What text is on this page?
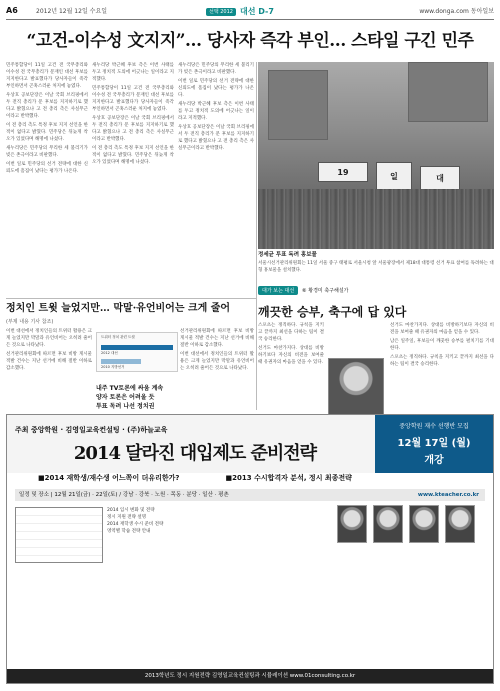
A6	2012년 12월 12일 수요일	선택 2012 대선 D-7	www.donga.com 동아일보
“고건-이수성 文지지”… 당사자 즉각 부인… 스타일 구긴 민주

민주통합당이 11일 고건 전 국무총리와 이수성 전 국무총리가 문재인 대선 후보를 지지한다고 발표했다가 당사자들이 즉각 부인하면서 곤혹스러운 처지에 놓였다.

우상호 공보단장은 이날 국회 브리핑에서 두 전직 총리가 문 후보를 지지하기로 했다고 밝혔으나 고 전 총리 측은 사실무근이라고 반박했다.

이 전 총리 측도 특정 후보 지지 선언을 한 적이 없다고 밝혔다. 민주당은 뒤늦게 착오가 있었다며 해명에 나섰다.

새누리당은 민주당의 무리한 세 불리기가 빚은 촌극이라고 비판했다.

이번 일로 민주당의 선거 전략에 대한 신뢰도에 흠집이 났다는 평가가 나온다.

새누리당 박근혜 후보 측은 이번 사태를 두고 정치적 도의에 어긋나는 일이라고 지적했다.

민주통합당이 11일 고건 전 국무총리와 이수성 전 국무총리가 문재인 대선 후보를 지지한다고 발표했다가 당사자들이 즉각 부인하면서 곤혹스러운 처지에 놓였다.

우상호 공보단장은 이날 국회 브리핑에서 두 전직 총리가 문 후보를 지지하기로 했다고 밝혔으나 고 전 총리 측은 사실무근이라고 반박했다.

이 전 총리 측도 특정 후보 지지 선언을 한 적이 없다고 밝혔다. 민주당은 뒤늦게 착오가 있었다며 해명에 나섰다.

새누리당은 민주당의 무리한 세 불리기가 빚은 촌극이라고 비판했다.

이번 일로 민주당의 선거 전략에 대한 신뢰도에 흠집이 났다는 평가가 나온다.

새누리당 박근혜 후보 측은 이번 사태를 두고 정치적 도의에 어긋나는 일이라고 지적했다.

우상호 공보단장은 이날 국회 브리핑에서 두 전직 총리가 문 후보를 지지하기로 했다고 밝혔으나 고 전 총리 측은 사실무근이라고 반박했다.

19	일	대
정세균 투표 독려 홍보물
서울시선거관리위원회는 11일 서울 중구 태평로 서울시청 앞 서울광장에서 제18대 대통령 선거 투표 참여를 독려하는 대형 홍보물을 설치했다.
대가 보는 대선	⑥ 황경미 축구해설가
깨끗한 승부, 축구에 답 있다

스포츠는 정직하다. 규칙을 지키고 끝까지 최선을 다하는 팀이 결국 승리한다.

선거도 마찬가지다. 상대를 비방하기보다 자신의 비전을 보여줄 때 유권자의 마음을 얻을 수 있다.

선거도 마찬가지다. 상대를 비방하기보다 자신의 비전을 보여줄 때 유권자의 마음을 얻을 수 있다.

남은 일주일, 후보들이 깨끗한 승부를 펼치기를 기대한다.

스포츠는 정직하다. 규칙을 지키고 끝까지 최선을 다하는 팀이 결국 승리한다.

정치인 트윗 늘었지만… 막말·유언비어는 크게 줄어
(부제 내용 기사 참조)

이번 대선에서 정치인들의 트위터 활용은 크게 늘었지만 막말과 유언비어는 오히려 줄어든 것으로 나타났다.

선거관리위원회에 따르면 후보 비방 게시물 적발 건수는 지난 선거에 비해 절반 이하로 감소했다.

트위터 정치 관련 트윗
2012 대선
2010 지방선거
내주 TV토론에 싸움 계속
양자 토론은 어려울 듯
투표 독려 나선 정치권

선거관리위원회에 따르면 후보 비방 게시물 적발 건수는 지난 선거에 비해 절반 이하로 감소했다.

이번 대선에서 정치인들의 트위터 활용은 크게 늘었지만 막말과 유언비어는 오히려 줄어든 것으로 나타났다.

주최 중앙학원 · 김영일교육컨설팅 · (주)하늘교육
2014 달라진 대입제도 준비전략
중앙학원 재수 선행반 모집
12월 17일 (월)
개강
■2014 재학생/재수생 어느쪽이 더유리한가?	■2013 수시합격자 분석, 정시 최종전략
일정 및 장소 | 12월 21일(금) · 22일(토) / 강남 · 강북 · 노원 · 목동 · 분당 · 일산 · 평촌	www.kteacher.co.kr
2014 입시 변화 및 전략
정시 지원 전략 설명
2014 재학생 수시 준비 전략
영역별 학습 전략 안내
2013학년도 정시 지원전략 김영일교육컨설팅과 시뮬레이션 www.01consulting.co.kr
